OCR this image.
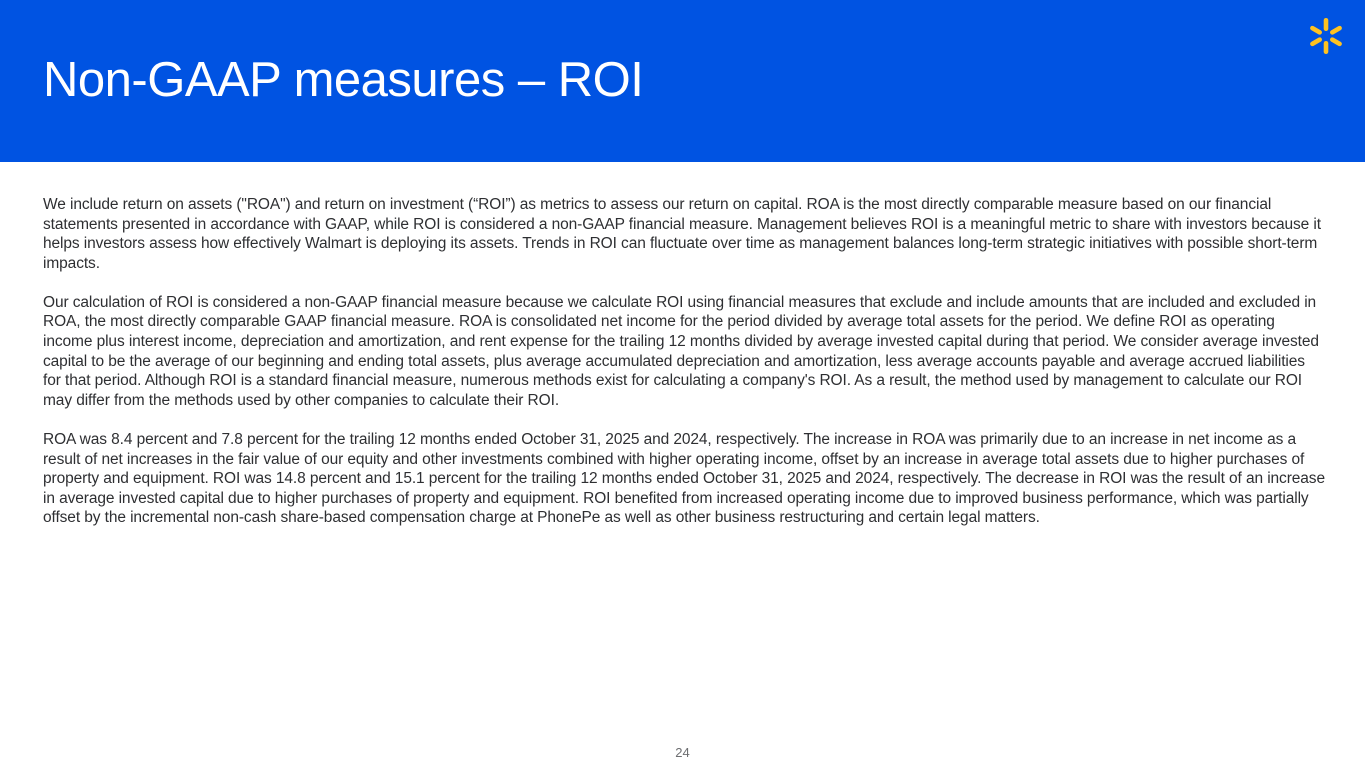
Non-GAAP measures – ROI

We include return on assets ("ROA") and return on investment (“ROI”) as metrics to assess our return on capital. ROA is the most directly comparable measure based on our financial statements presented in accordance with GAAP, while ROI is considered a non-GAAP financial measure. Management believes ROI is a meaningful metric to share with investors because it helps investors assess how effectively Walmart is deploying its assets. Trends in ROI can fluctuate over time as management balances long-term strategic initiatives with possible short-term impacts.

Our calculation of ROI is considered a non-GAAP financial measure because we calculate ROI using financial measures that exclude and include amounts that are included and excluded in ROA, the most directly comparable GAAP financial measure. ROA is consolidated net income for the period divided by average total assets for the period. We define ROI as operating income plus interest income, depreciation and amortization, and rent expense for the trailing 12 months divided by average invested capital during that period. We consider average invested capital to be the average of our beginning and ending total assets, plus average accumulated depreciation and amortization, less average accounts payable and average accrued liabilities for that period. Although ROI is a standard financial measure, numerous methods exist for calculating a company's ROI. As a result, the method used by management to calculate our ROI may differ from the methods used by other companies to calculate their ROI.

ROA was 8.4 percent and 7.8 percent for the trailing 12 months ended October 31, 2025 and 2024, respectively. The increase in ROA was primarily due to an increase in net income as a result of net increases in the fair value of our equity and other investments combined with higher operating income, offset by an increase in average total assets due to higher purchases of property and equipment. ROI was 14.8 percent and 15.1 percent for the trailing 12 months ended October 31, 2025 and 2024, respectively. The decrease in ROI was the result of an increase in average invested capital due to higher purchases of property and equipment. ROI benefited from increased operating income due to improved business performance, which was partially offset by the incremental non-cash share-based compensation charge at PhonePe as well as other business restructuring and certain legal matters.

24
